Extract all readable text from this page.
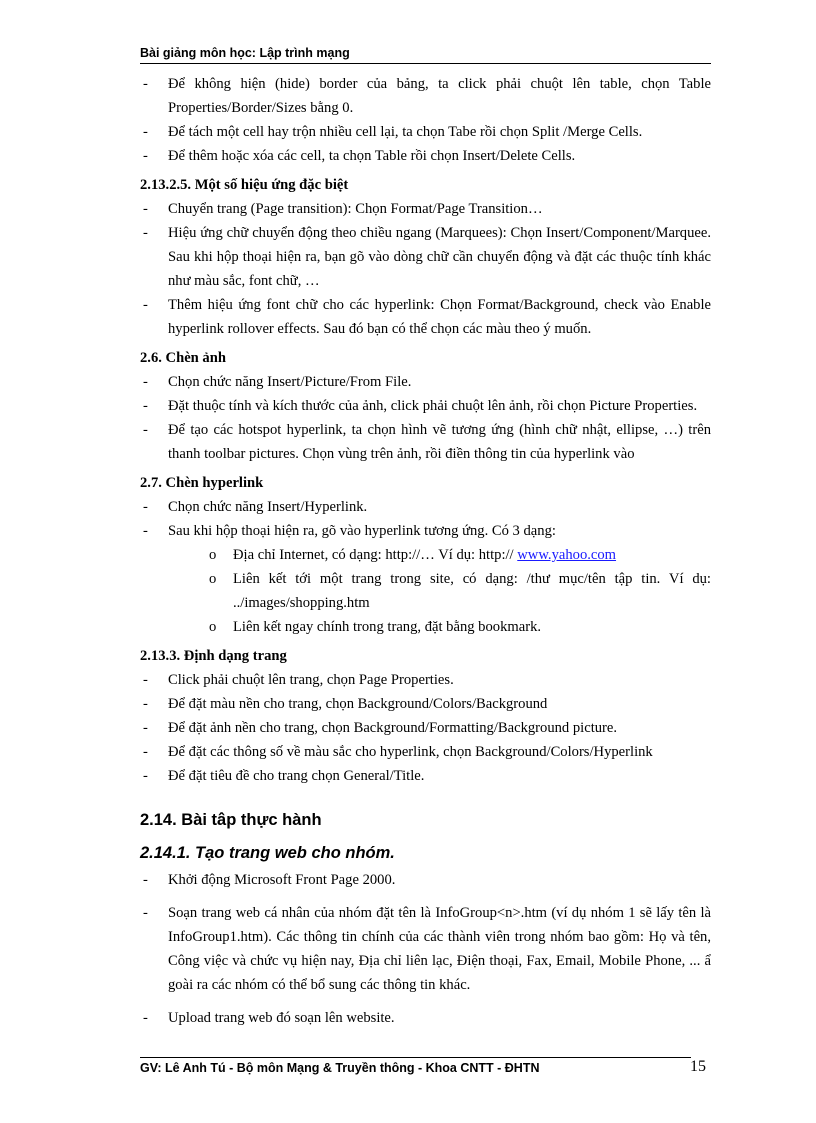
Bài giảng môn học: Lập trình mạng
- Để không hiện (hide) border của bảng, ta click phải chuột lên table, chọn Table Properties/Border/Sizes bằng 0.
- Để tách một cell hay trộn nhiều cell lại, ta chọn Tabe rồi chọn Split /Merge Cells.
- Để thêm hoặc xóa các cell, ta chọn Table rồi chọn Insert/Delete Cells.
2.13.2.5. Một số hiệu ứng đặc biệt
- Chuyển trang (Page transition): Chọn Format/Page Transition…
- Hiệu ứng chữ chuyển động theo chiều ngang (Marquees): Chọn Insert/Component/Marquee. Sau khi hộp thoại hiện ra, bạn gõ vào dòng chữ cần chuyển động và đặt các thuộc tính khác như màu sắc, font chữ, …
- Thêm hiệu ứng font chữ cho các hyperlink: Chọn Format/Background, check vào Enable hyperlink rollover effects. Sau đó bạn có thể chọn các màu theo ý muốn.
2.6. Chèn ảnh
- Chọn chức năng Insert/Picture/From File.
- Đặt thuộc tính và kích thước của ảnh, click phải chuột lên ảnh, rồi chọn Picture Properties.
- Để tạo các hotspot hyperlink, ta chọn hình vẽ tương ứng (hình chữ nhật, ellipse, …) trên thanh toolbar pictures. Chọn vùng trên ảnh, rồi điền thông tin của hyperlink vào
2.7. Chèn hyperlink
- Chọn chức năng Insert/Hyperlink.
- Sau khi hộp thoại hiện ra, gõ vào hyperlink tương ứng. Có 3 dạng:
o Địa chỉ Internet, có dạng: http://… Ví dụ: http:// www.yahoo.com
o Liên kết tới một trang trong site, có dạng: /thư mục/tên tập tin. Ví dụ: ../images/shopping.htm
o Liên kết ngay chính trong trang, đặt bằng bookmark.
2.13.3. Định dạng trang
- Click phải chuột lên trang, chọn Page Properties.
- Để đặt màu nền cho trang, chọn Background/Colors/Background
- Để đặt ảnh nền cho trang, chọn Background/Formatting/Background picture.
- Để đặt các thông số về màu sắc cho hyperlink, chọn Background/Colors/Hyperlink
- Để đặt tiêu đề cho trang chọn General/Title.
2.14. Bài tâp thực hành
2.14.1. Tạo trang web cho nhóm.
- Khởi động Microsoft Front Page 2000.
- Soạn trang web cá nhân của nhóm đặt tên là InfoGroup<n>.htm (ví dụ nhóm 1 sẽ lấy tên là InfoGroup1.htm). Các thông tin chính của các thành viên trong nhóm bao gồm: Họ và tên, Công việc và chức vụ hiện nay, Địa chỉ liên lạc, Điện thoại, Fax, Email, Mobile Phone, ... ẩ goài ra các nhóm có thể bổ sung các thông tin khác.
- Upload trang web đó soạn lên website.
GV: Lê Anh Tú - Bộ môn Mạng & Truyền thông - Khoa CNTT - ĐHTN	15
